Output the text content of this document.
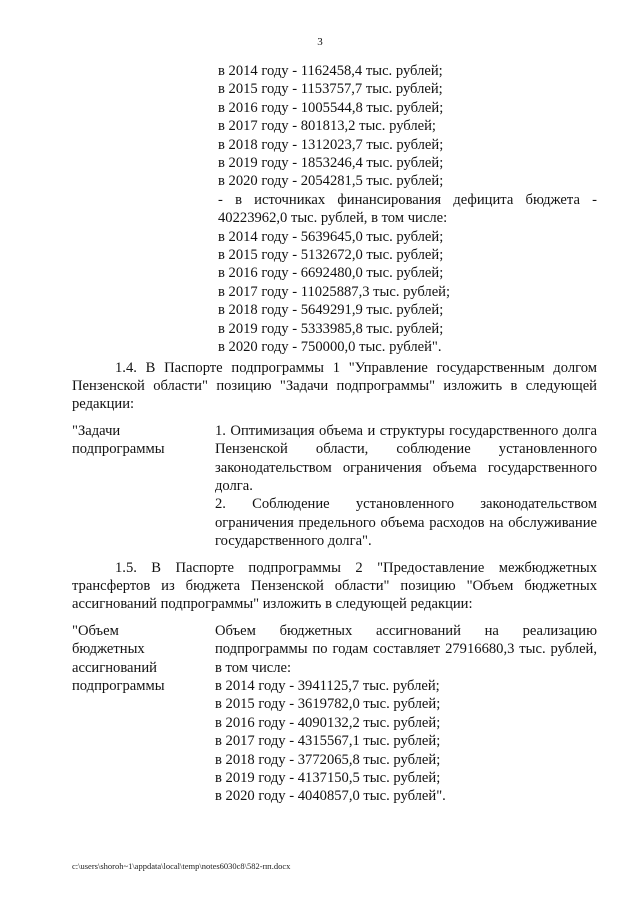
3
в 2014 году - 1162458,4 тыс. рублей;
в 2015 году - 1153757,7 тыс. рублей;
в 2016 году - 1005544,8 тыс. рублей;
в 2017 году - 801813,2 тыс. рублей;
в 2018 году - 1312023,7 тыс. рублей;
в 2019 году - 1853246,4 тыс. рублей;
в 2020 году - 2054281,5 тыс. рублей;
- в источниках финансирования дефицита бюджета - 40223962,0 тыс. рублей, в том числе:
в 2014 году - 5639645,0 тыс. рублей;
в 2015 году - 5132672,0 тыс. рублей;
в 2016 году - 6692480,0 тыс. рублей;
в 2017 году - 11025887,3 тыс. рублей;
в 2018 году - 5649291,9 тыс. рублей;
в 2019 году - 5333985,8 тыс. рублей;
в 2020 году - 750000,0 тыс. рублей".
1.4. В Паспорте подпрограммы 1 "Управление государственным долгом Пензенской области" позицию "Задачи подпрограммы" изложить в следующей редакции:
"Задачи
подпрограммы
1. Оптимизация объема и структуры государственного долга Пензенской области, соблюдение установленного законодательством ограничения объема государственного долга.
2. Соблюдение установленного законодательством ограничения предельного объема расходов на обслуживание государственного долга".
1.5. В Паспорте подпрограммы 2 "Предоставление межбюджетных трансфертов из бюджета Пензенской области" позицию "Объем бюджетных ассигнований подпрограммы" изложить в следующей редакции:
"Объем
бюджетных
ассигнований
подпрограммы
Объем бюджетных ассигнований на реализацию подпрограммы по годам составляет 27916680,3 тыс. рублей, в том числе:
в 2014 году - 3941125,7 тыс. рублей;
в 2015 году - 3619782,0 тыс. рублей;
в 2016 году - 4090132,2 тыс. рублей;
в 2017 году - 4315567,1 тыс. рублей;
в 2018 году - 3772065,8 тыс. рублей;
в 2019 году - 4137150,5 тыс. рублей;
в 2020 году - 4040857,0 тыс. рублей".
c:\users\shoroh~1\appdata\local\temp\notes6030c8\582-пп.docx
